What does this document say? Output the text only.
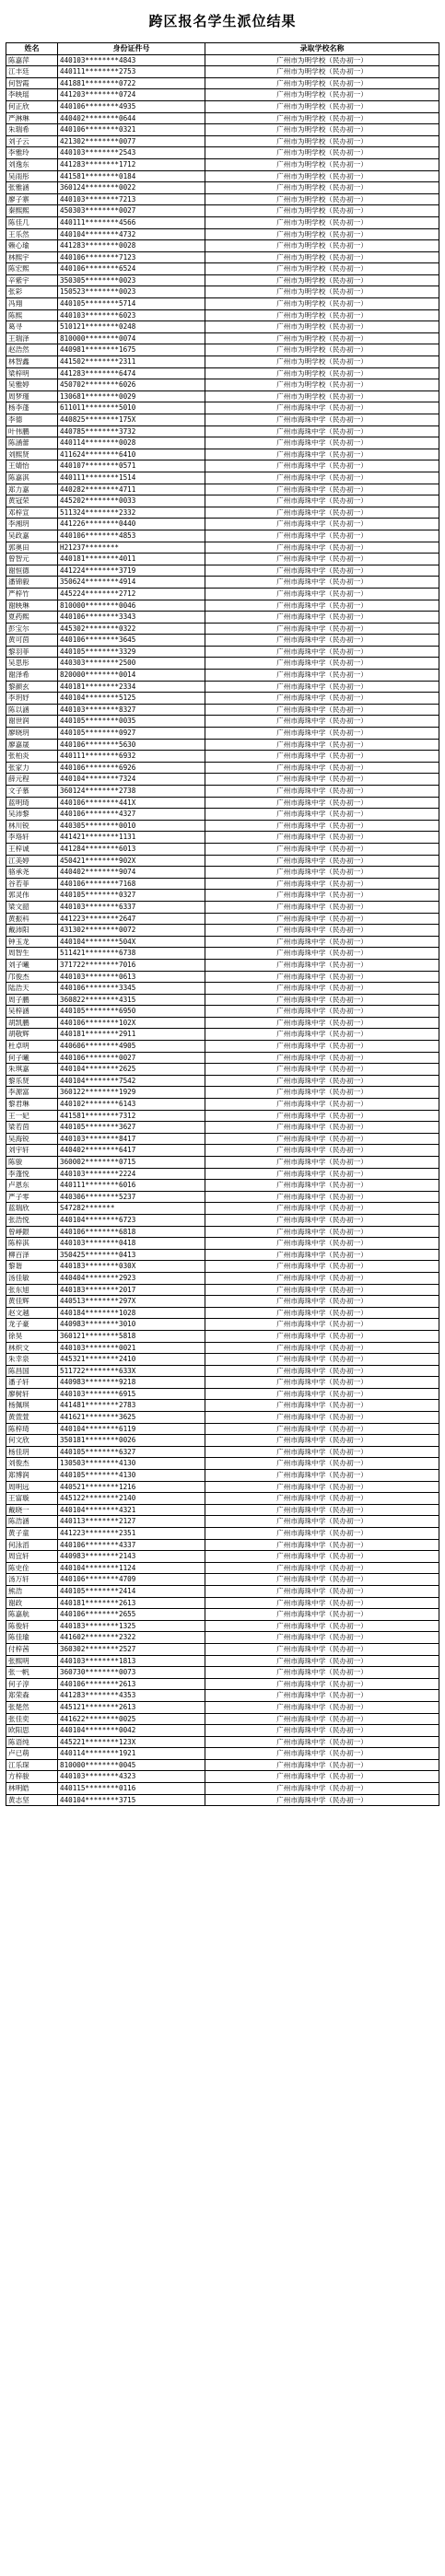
跨区报名学生派位结果
姓名	身份证件号	录取学校名称
陈嘉萍	440103********4843	广州市为明学校（民办初一）
江丰廷	440111********2753	广州市为明学校（民办初一）
何智霞	441881********0722	广州市为明学校（民办初一）
李映瑶	441203********0724	广州市为明学校（民办初一）
何正欣	440106********4935	广州市为明学校（民办初一）
严淋琳	440402********0644	广州市为明学校（民办初一）
朱瑞希	440106********0321	广州市为明学校（民办初一）
刘子云	421302********0077	广州市为明学校（民办初一）
李雅玲	440103********2543	广州市为明学校（民办初一）
刘逸东	441283********1712	广州市为明学校（民办初一）
吴雨彤	441581********0184	广州市为明学校（民办初一）
张雅涵	360124********0022	广州市为明学校（民办初一）
廖子寨	440103********7213	广州市为明学校（民办初一）
秦熙熙	450303********0027	广州市为明学校（民办初一）
陈佳几	440111********4566	广州市为明学校（民办初一）
王乐然	440104********4732	广州市为明学校（民办初一）
赖心瑜	441283********0028	广州市为明学校（民办初一）
林熙宇	440106********7123	广州市为明学校（民办初一）
陈宏熙	440106********6524	广州市为明学校（民办初一）
辛紫宇	350305********0023	广州市为明学校（民办初一）
张彩	150523********0023	广州市为明学校（民办初一）
冯翔	440105********5714	广州市为明学校（民办初一）
陈熙	440103********6023	广州市为明学校（民办初一）
葛寻	510121********0248	广州市为明学校（民办初一）
王瑞泽	810000********0074	广州市为明学校（民办初一）
赵浩然	440981********1675	广州市为明学校（民办初一）
林智鑫	441502********2311	广州市为明学校（民办初一）
梁梓明	441283********6474	广州市为明学校（民办初一）
吴雅婷	450702********6026	广州市为明学校（民办初一）
周梦瑾	130681********0029	广州市为明学校（民办初一）
杨李蓬	611011********5010	广州市海珠中学（民办初一）
李德	440825********175X	广州市海珠中学（民办初一）
叶伟鹏	440785********3732	广州市海珠中学（民办初一）
陈涵蕾	440114********0028	广州市海珠中学（民办初一）
刘熙贤	411624********6410	广州市海珠中学（民办初一）
王婧怡	440107********0571	广州市海珠中学（民办初一）
陈嘉淇	440111********1514	广州市海珠中学（民办初一）
郑力嘉	440282********4711	广州市海珠中学（民办初一）
黄冠荣	445202********0033	广州市海珠中学（民办初一）
邓梓宣	511324********2332	广州市海珠中学（民办初一）
李湘玥	441226********0440	广州市海珠中学（民办初一）
吴政嘉	440106********4853	广州市海珠中学（民办初一）
郭奥田	H21237********	广州市海珠中学（民办初一）
曾智元	440181********4011	广州市海珠中学（民办初一）
谢恒德	441224********3719	广州市海珠中学（民办初一）
潘锦毅	350624********4914	广州市海珠中学（民办初一）
严梓竹	445224********2712	广州市海珠中学（民办初一）
谢映琳	810000********0046	广州市海珠中学（民办初一）
夏药熙	440106********3343	广州市海珠中学（民办初一）
彭宝尔	445302********0322	广州市海珠中学（民办初一）
黄可茵	440106********3645	广州市海珠中学（民办初一）
黎羽菲	440105********3329	广州市海珠中学（民办初一）
吴思彤	440303********2500	广州市海珠中学（民办初一）
谢泽希	820000********0014	广州市海珠中学（民办初一）
黎颜玄	440181********2334	广州市海珠中学（民办初一）
李玥妤	440104********5125	广州市海珠中学（民办初一）
陈以涵	440103********8327	广州市海珠中学（民办初一）
谢世润	440105********0035	广州市海珠中学（民办初一）
廖晓玥	440105********0927	广州市海珠中学（民办初一）
廖嘉晟	440106********5630	广州市海珠中学（民办初一）
张柏炎	440111********6932	广州市海珠中学（民办初一）
张家力	440106********6926	广州市海珠中学（民办初一）
薛元程	440104********7324	广州市海珠中学（民办初一）
文子慕	360124********2738	广州市海珠中学（民办初一）
蓝明琦	440106********441X	广州市海珠中学（民办初一）
吴沛黎	440106********4327	广州市海珠中学（民办初一）
林川锐	440305********0010	广州市海珠中学（民办初一）
李珞轩	441421********1131	广州市海珠中学（民办初一）
王梓诚	441284********6013	广州市海珠中学（民办初一）
江美婷	450421********902X	广州市海珠中学（民办初一）
骆承尧	440402********9074	广州市海珠中学（民办初一）
谷若菲	440106********7168	广州市海珠中学（民办初一）
郭灵伟	440105********0327	广州市海珠中学（民办初一）
梁文韶	440103********6337	广州市海珠中学（民办初一）
黄振科	441223********2647	广州市海珠中学（民办初一）
戴沛阳	431302********0072	广州市海珠中学（民办初一）
钟玉龙	440104********504X	广州市海珠中学（民办初一）
周智生	511421********6738	广州市海珠中学（民办初一）
刘子曦	371722********7016	广州市海珠中学（民办初一）
邝俊杰	440103********0613	广州市海珠中学（民办初一）
陆浩天	440106********3345	广州市海珠中学（民办初一）
周子鹏	360822********4315	广州市海珠中学（民办初一）
吴梓涵	440105********6950	广州市海珠中学（民办初一）
胡凯鹏	440106********102X	广州市海珠中学（民办初一）
胡敬辉	440181********2911	广州市海珠中学（民办初一）
杜卓明	440606********4905	广州市海珠中学（民办初一）
何子曦	440106********0027	广州市海珠中学（民办初一）
朱琪嘉	440104********2625	广州市海珠中学（民办初一）
黎乐贤	440104********7542	广州市海珠中学（民办初一）
李源富	360122********1929	广州市海珠中学（民办初一）
黎君琳	440102********6143	广州市海珠中学（民办初一）
王一妃	441581********7312	广州市海珠中学（民办初一）
梁若茵	440105********3627	广州市海珠中学（民办初一）
吴海锐	440103********8417	广州市海珠中学（民办初一）
刘宇轩	440402********6417	广州市海珠中学（民办初一）
陈骏	360002********0715	广州市海珠中学（民办初一）
李蓬悦	440103********2224	广州市海珠中学（民办初一）
卢恩东	440111********6016	广州市海珠中学（民办初一）
严子零	440306********5237	广州市海珠中学（民办初一）
蓝瑞欣	S47282*******	广州市海珠中学（民办初一）
张浩悦	440104********6723	广州市海珠中学（民办初一）
曾崢銀	440106********6818	广州市海珠中学（民办初一）
陈梓淇	440103********0418	广州市海珠中学（民办初一）
柳百泽	350425********0413	广州市海珠中学（民办初一）
黎谐	440183********030X	广州市海珠中学（民办初一）
汤佳敏	440404********2923	广州市海珠中学（民办初一）
张东旭	440183********2017	广州市海珠中学（民办初一）
黄佳辉	440513********297X	广州市海珠中学（民办初一）
赵文越	440184********1028	广州市海珠中学（民办初一）
龙子豪	440983********3010	广州市海珠中学（民办初一）
徐昊	360121********5818	广州市海珠中学（民办初一）
林炽文	440103********0021	广州市海珠中学（民办初一）
朱幸泉	445321********2410	广州市海珠中学（民办初一）
陈昌国	511722********633X	广州市海珠中学（民办初一）
潘子轩	440983********9218	广州市海珠中学（民办初一）
廖树轩	440103********6915	广州市海珠中学（民办初一）
杨佩琪	441481********2783	广州市海珠中学（民办初一）
黄萱萱	441621********3625	广州市海珠中学（民办初一）
陈梓琦	440104********6119	广州市海珠中学（民办初一）
何文欣	350181********0026	广州市海珠中学（民办初一）
杨佳玥	440105********6327	广州市海珠中学（民办初一）
刘俊杰	130503********4130	广州市海珠中学（民办初一）
郑博润	440105********4130	广州市海珠中学（民办初一）
周明远	440521********1216	广州市海珠中学（民办初一）
王富璇	445122********2140	广州市海珠中学（民办初一）
戴晓一	440104********4321	广州市海珠中学（民办初一）
陈浩涵	440113********2127	广州市海珠中学（民办初一）
黄子童	441223********2351	广州市海珠中学（民办初一）
何泳滔	440106********4337	广州市海珠中学（民办初一）
周宜轩	440983********2143	广州市海珠中学（民办初一）
陈史佺	440104********1124	广州市海珠中学（民办初一）
汤万轩	440106********4709	广州市海珠中学（民办初一）
熊浩	440105********2414	广州市海珠中学（民办初一）
谢政	440181********2613	广州市海珠中学（民办初一）
陈嘉航	440106********2655	广州市海珠中学（民办初一）
陈俊轩	440183********1325	广州市海珠中学（民办初一）
陈佳瑜	441602********2322	广州市海珠中学（民办初一）
付梓茜	360302********2527	广州市海珠中学（民办初一）
张熙明	440103********1813	广州市海珠中学（民办初一）
张一帆	360730********0073	广州市海珠中学（民办初一）
何子淳	440106********2613	广州市海珠中学（民办初一）
郑荣森	441283********4353	广州市海珠中学（民办初一）
张楚然	445121********2613	广州市海珠中学（民办初一）
张佳奕	441622********0025	广州市海珠中学（民办初一）
欧阳思	440104********0042	广州市海珠中学（民办初一）
陈语纯	445221********123X	广州市海珠中学（民办初一）
卢已萌	440114********1921	广州市海珠中学（民办初一）
江乐琛	810000********0045	广州市海珠中学（民办初一）
方梓骏	440103********4323	广州市海珠中学（民办初一）
林明皓	440115********0116	广州市海珠中学（民办初一）
黄志坚	440104********3715	广州市海珠中学（民办初一）
